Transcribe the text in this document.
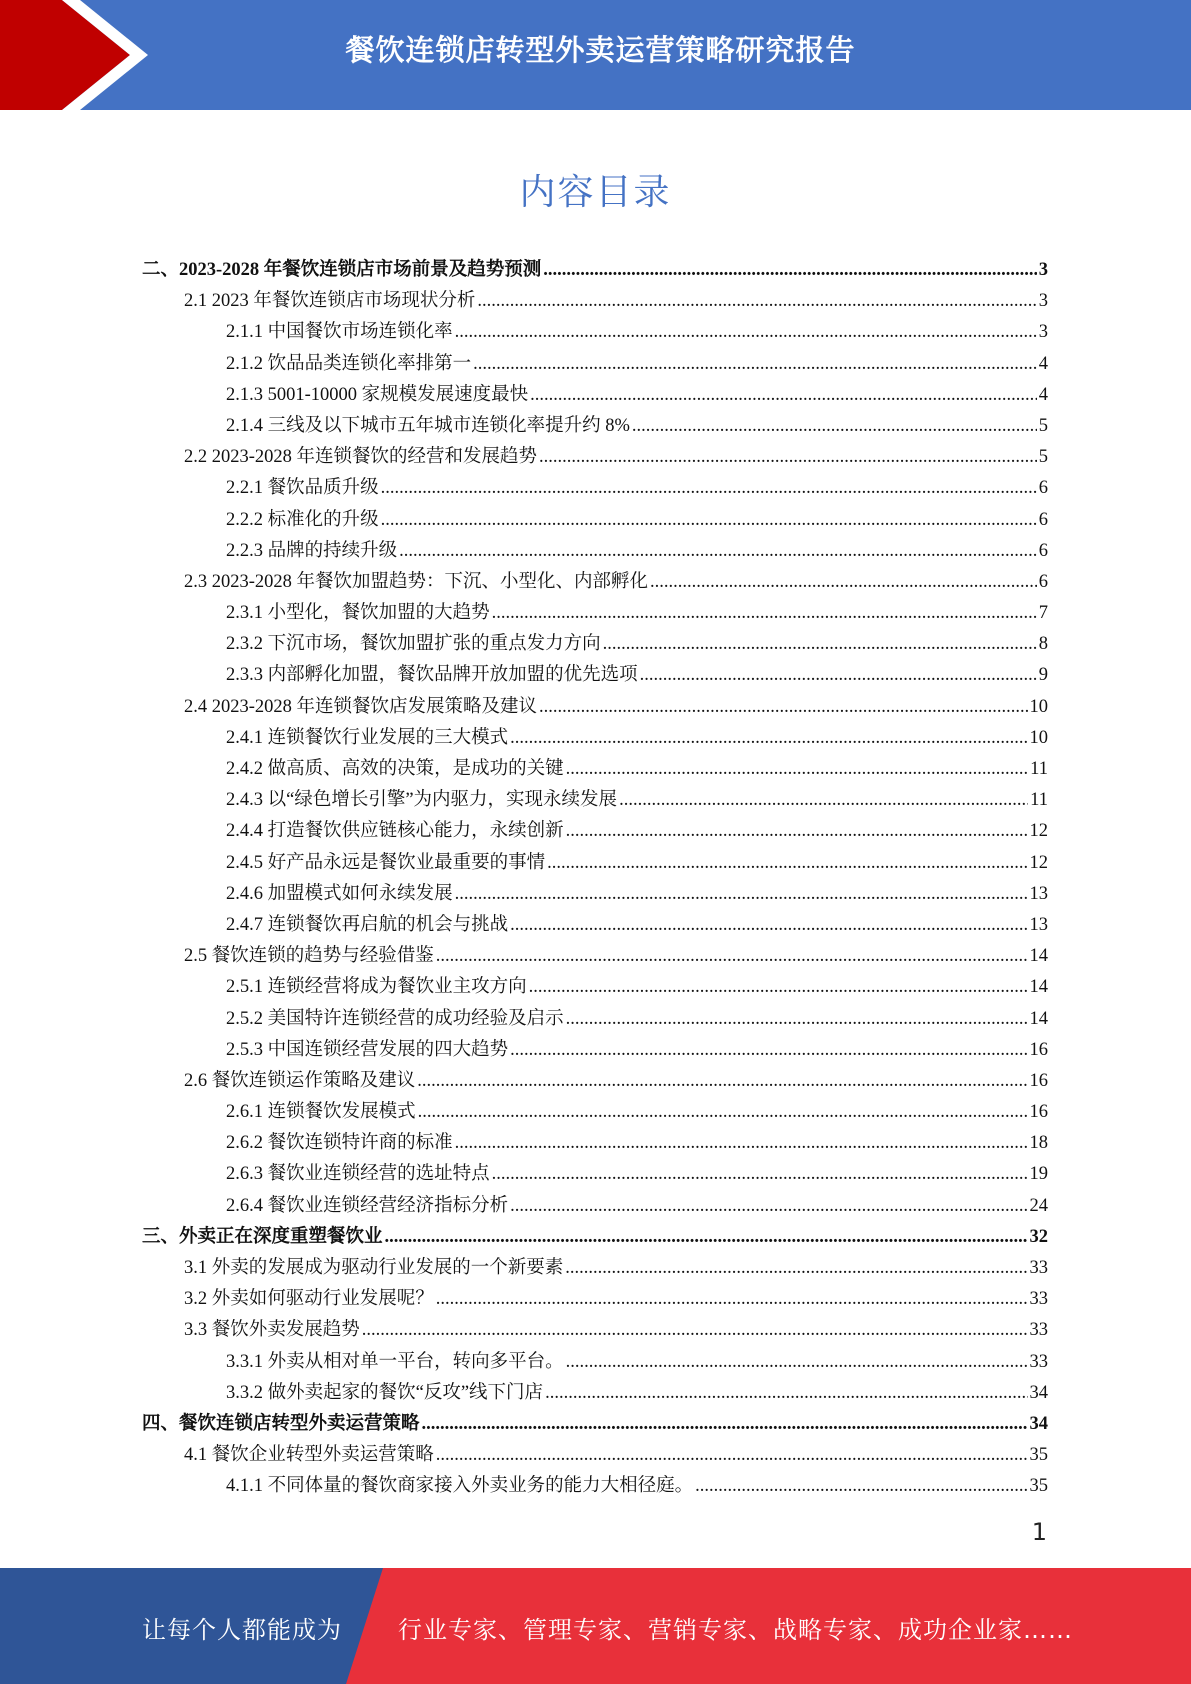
餐饮连锁店转型外卖运营策略研究报告
内容目录
二、2023-2028 年餐饮连锁店市场前景及趋势预测 .....	3
2.1 2023 年餐饮连锁店市场现状分析 .....	3
2.1.1 中国餐饮市场连锁化率 .....	3
2.1.2 饮品品类连锁化率排第一 .....	4
2.1.3 5001-10000 家规模发展速度最快 .....	4
2.1.4 三线及以下城市五年城市连锁化率提升约 8% .....	5
2.2 2023-2028 年连锁餐饮的经营和发展趋势 .....	5
2.2.1 餐饮品质升级 .....	6
2.2.2 标准化的升级 .....	6
2.2.3 品牌的持续升级 .....	6
2.3 2023-2028 年餐饮加盟趋势：下沉、小型化、内部孵化 .....	6
2.3.1 小型化，餐饮加盟的大趋势 .....	7
2.3.2 下沉市场，餐饮加盟扩张的重点发力方向 .....	8
2.3.3 内部孵化加盟，餐饮品牌开放加盟的优先选项 .....	9
2.4 2023-2028 年连锁餐饮店发展策略及建议 .....	10
2.4.1 连锁餐饮行业发展的三大模式 .....	10
2.4.2 做高质、高效的决策，是成功的关键 .....	11
2.4.3 以“绿色增长引擎”为内驱力，实现永续发展 .....	11
2.4.4 打造餐饮供应链核心能力，永续创新 .....	12
2.4.5 好产品永远是餐饮业最重要的事情 .....	12
2.4.6 加盟模式如何永续发展 .....	13
2.4.7 连锁餐饮再启航的机会与挑战 .....	13
2.5 餐饮连锁的趋势与经验借鉴 .....	14
2.5.1 连锁经营将成为餐饮业主攻方向 .....	14
2.5.2 美国特许连锁经营的成功经验及启示 .....	14
2.5.3 中国连锁经营发展的四大趋势 .....	16
2.6 餐饮连锁运作策略及建议 .....	16
2.6.1 连锁餐饮发展模式 .....	16
2.6.2 餐饮连锁特许商的标准 .....	18
2.6.3 餐饮业连锁经营的选址特点 .....	19
2.6.4 餐饮业连锁经营经济指标分析 .....	24
三、外卖正在深度重塑餐饮业 .....	32
3.1 外卖的发展成为驱动行业发展的一个新要素 .....	33
3.2 外卖如何驱动行业发展呢？ .....	33
3.3 餐饮外卖发展趋势 .....	33
3.3.1 外卖从相对单一平台，转向多平台。 .....	33
3.3.2 做外卖起家的餐饮“反攻”线下门店 .....	34
四、餐饮连锁店转型外卖运营策略 .....	34
4.1 餐饮企业转型外卖运营策略 .....	35
4.1.1 不同体量的餐饮商家接入外卖业务的能力大相径庭。 .....	35
1
让每个人都能成为 行业专家、管理专家、营销专家、战略专家、成功企业家……
